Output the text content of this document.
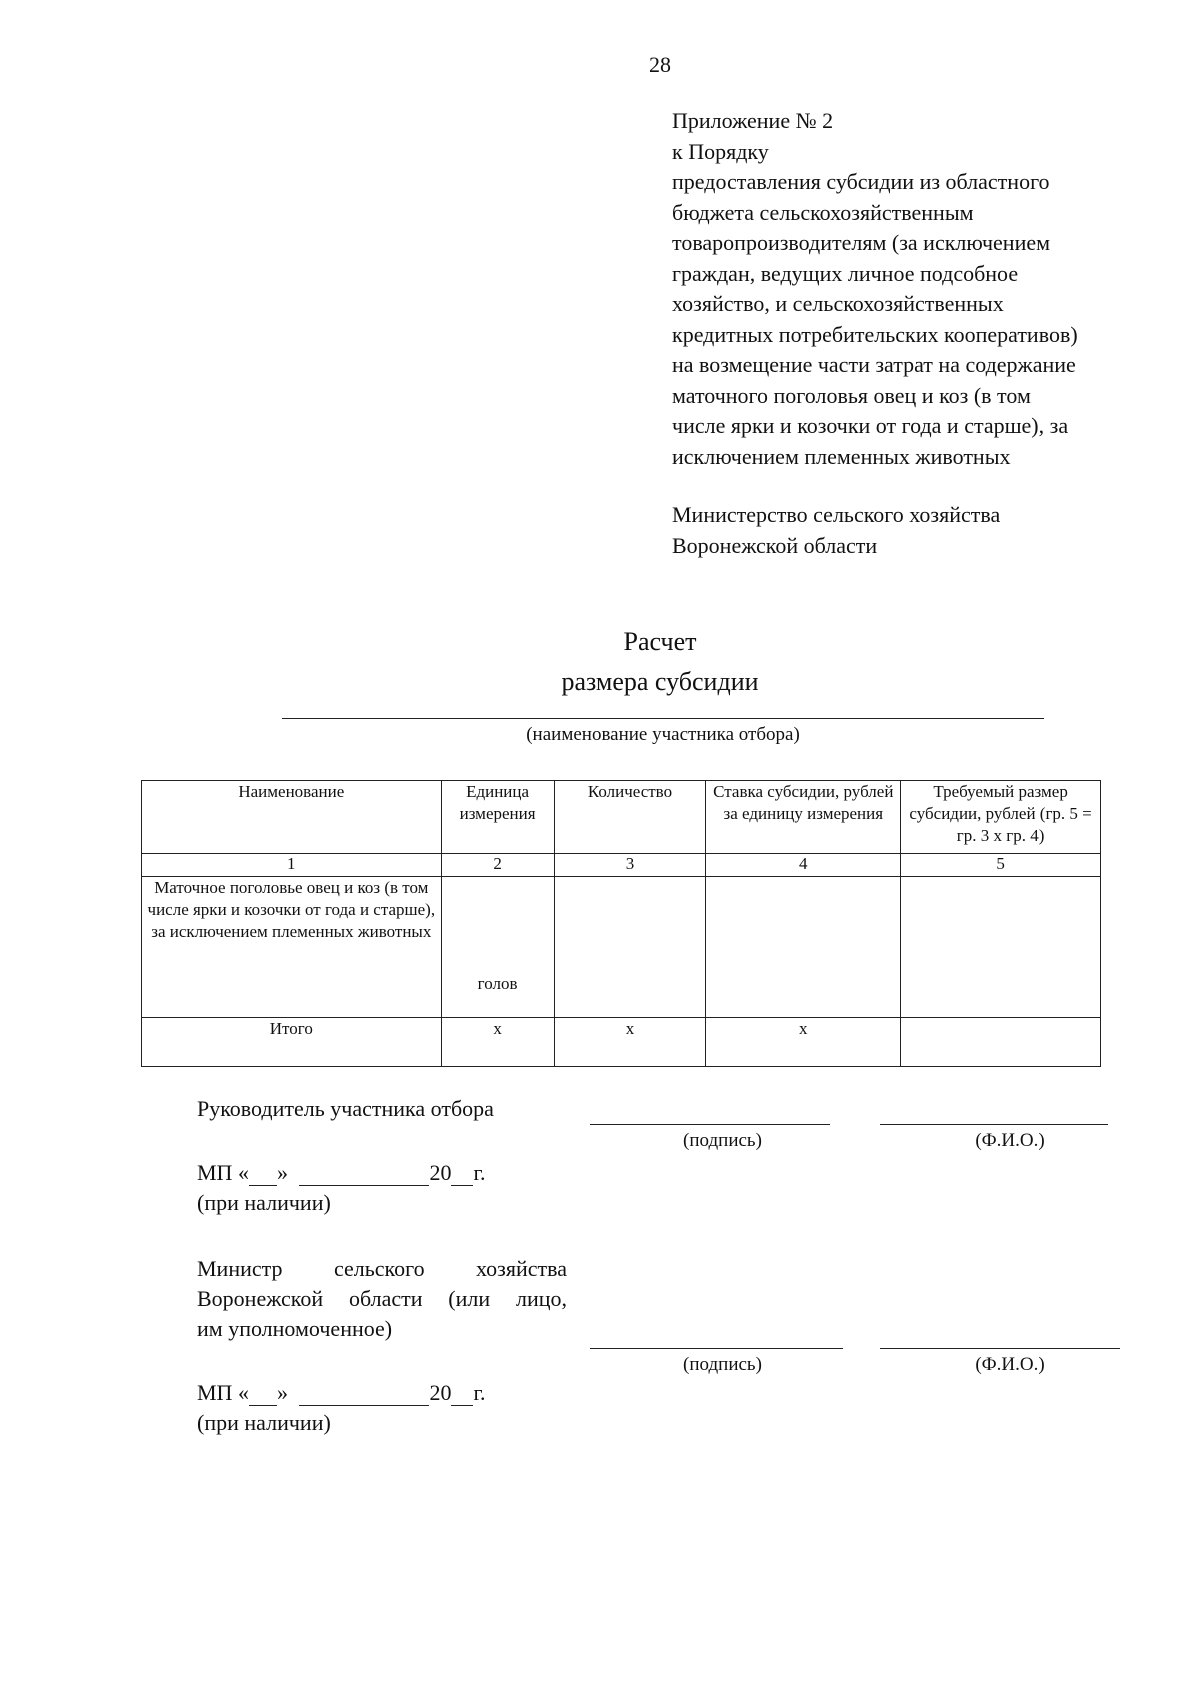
28
Приложение № 2
к Порядку
предоставления субсидии из областного
бюджета сельскохозяйственным
товаропроизводителям (за исключением
граждан, ведущих личное подсобное
хозяйство, и сельскохозяйственных
кредитных потребительских кооперативов)
на возмещение части затрат на содержание
маточного поголовья овец и коз (в том
числе ярки и козочки от года и старше), за
исключением племенных животных
Министерство сельского хозяйства
Воронежской области
Расчет
размера субсидии
(наименование участника отбора)
Наименование	Единица измерения	Количество	Ставка субсидии, рублей за единицу измерения	Требуемый размер субсидии, рублей (гр. 5 = гр. 3 х гр. 4)
1	2	3	4	5
Маточное поголовье овец и коз (в том числе ярки и козочки от года и старше), за исключением племенных животных	голов			
Итого	х	х	х	
Руководитель участника отбора
(подпись)	(Ф.И.О.)
МП « »	20 г.
(при наличии)
Министр сельского хозяйства
Воронежской области (или лицо,
им уполномоченное)
(подпись)	(Ф.И.О.)
МП « »	20 г.
(при наличии)
